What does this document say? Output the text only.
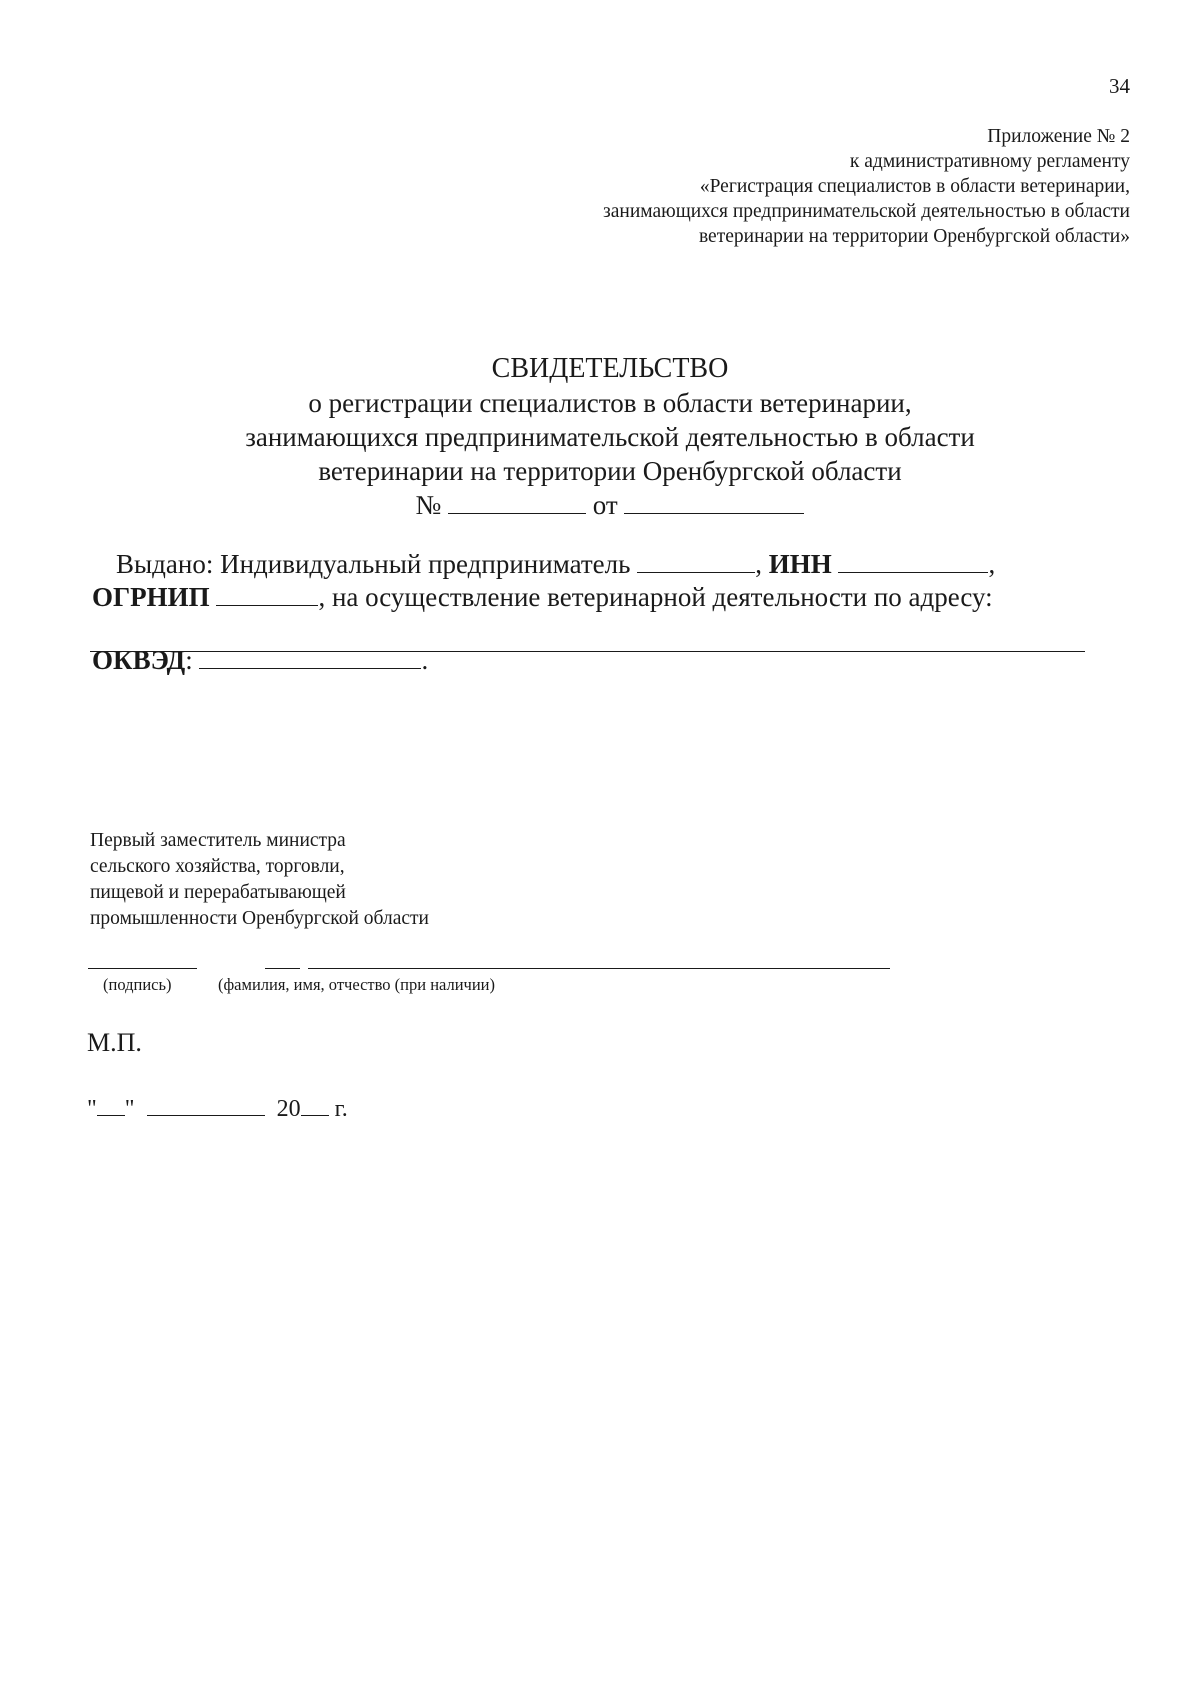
34
Приложение № 2
к административному регламенту
«Регистрация специалистов в области ветеринарии,
занимающихся предпринимательской деятельностью в области
ветеринарии на территории Оренбургской области»
СВИДЕТЕЛЬСТВО
о регистрации специалистов в области ветеринарии,
занимающихся предпринимательской деятельностью в области
ветеринарии на территории Оренбургской области
№	от
Выдано: Индивидуальный предприниматель	, ИНН	,
ОГРНИП	, на осуществление ветеринарной деятельности по адресу:
ОКВЭД:	.
Первый заместитель министра
сельского хозяйства, торговли,
пищевой и перерабатывающей
промышленности Оренбургской области
(подпись)	(фамилия, имя, отчество (при наличии)
М.П.
" "	20 г.
